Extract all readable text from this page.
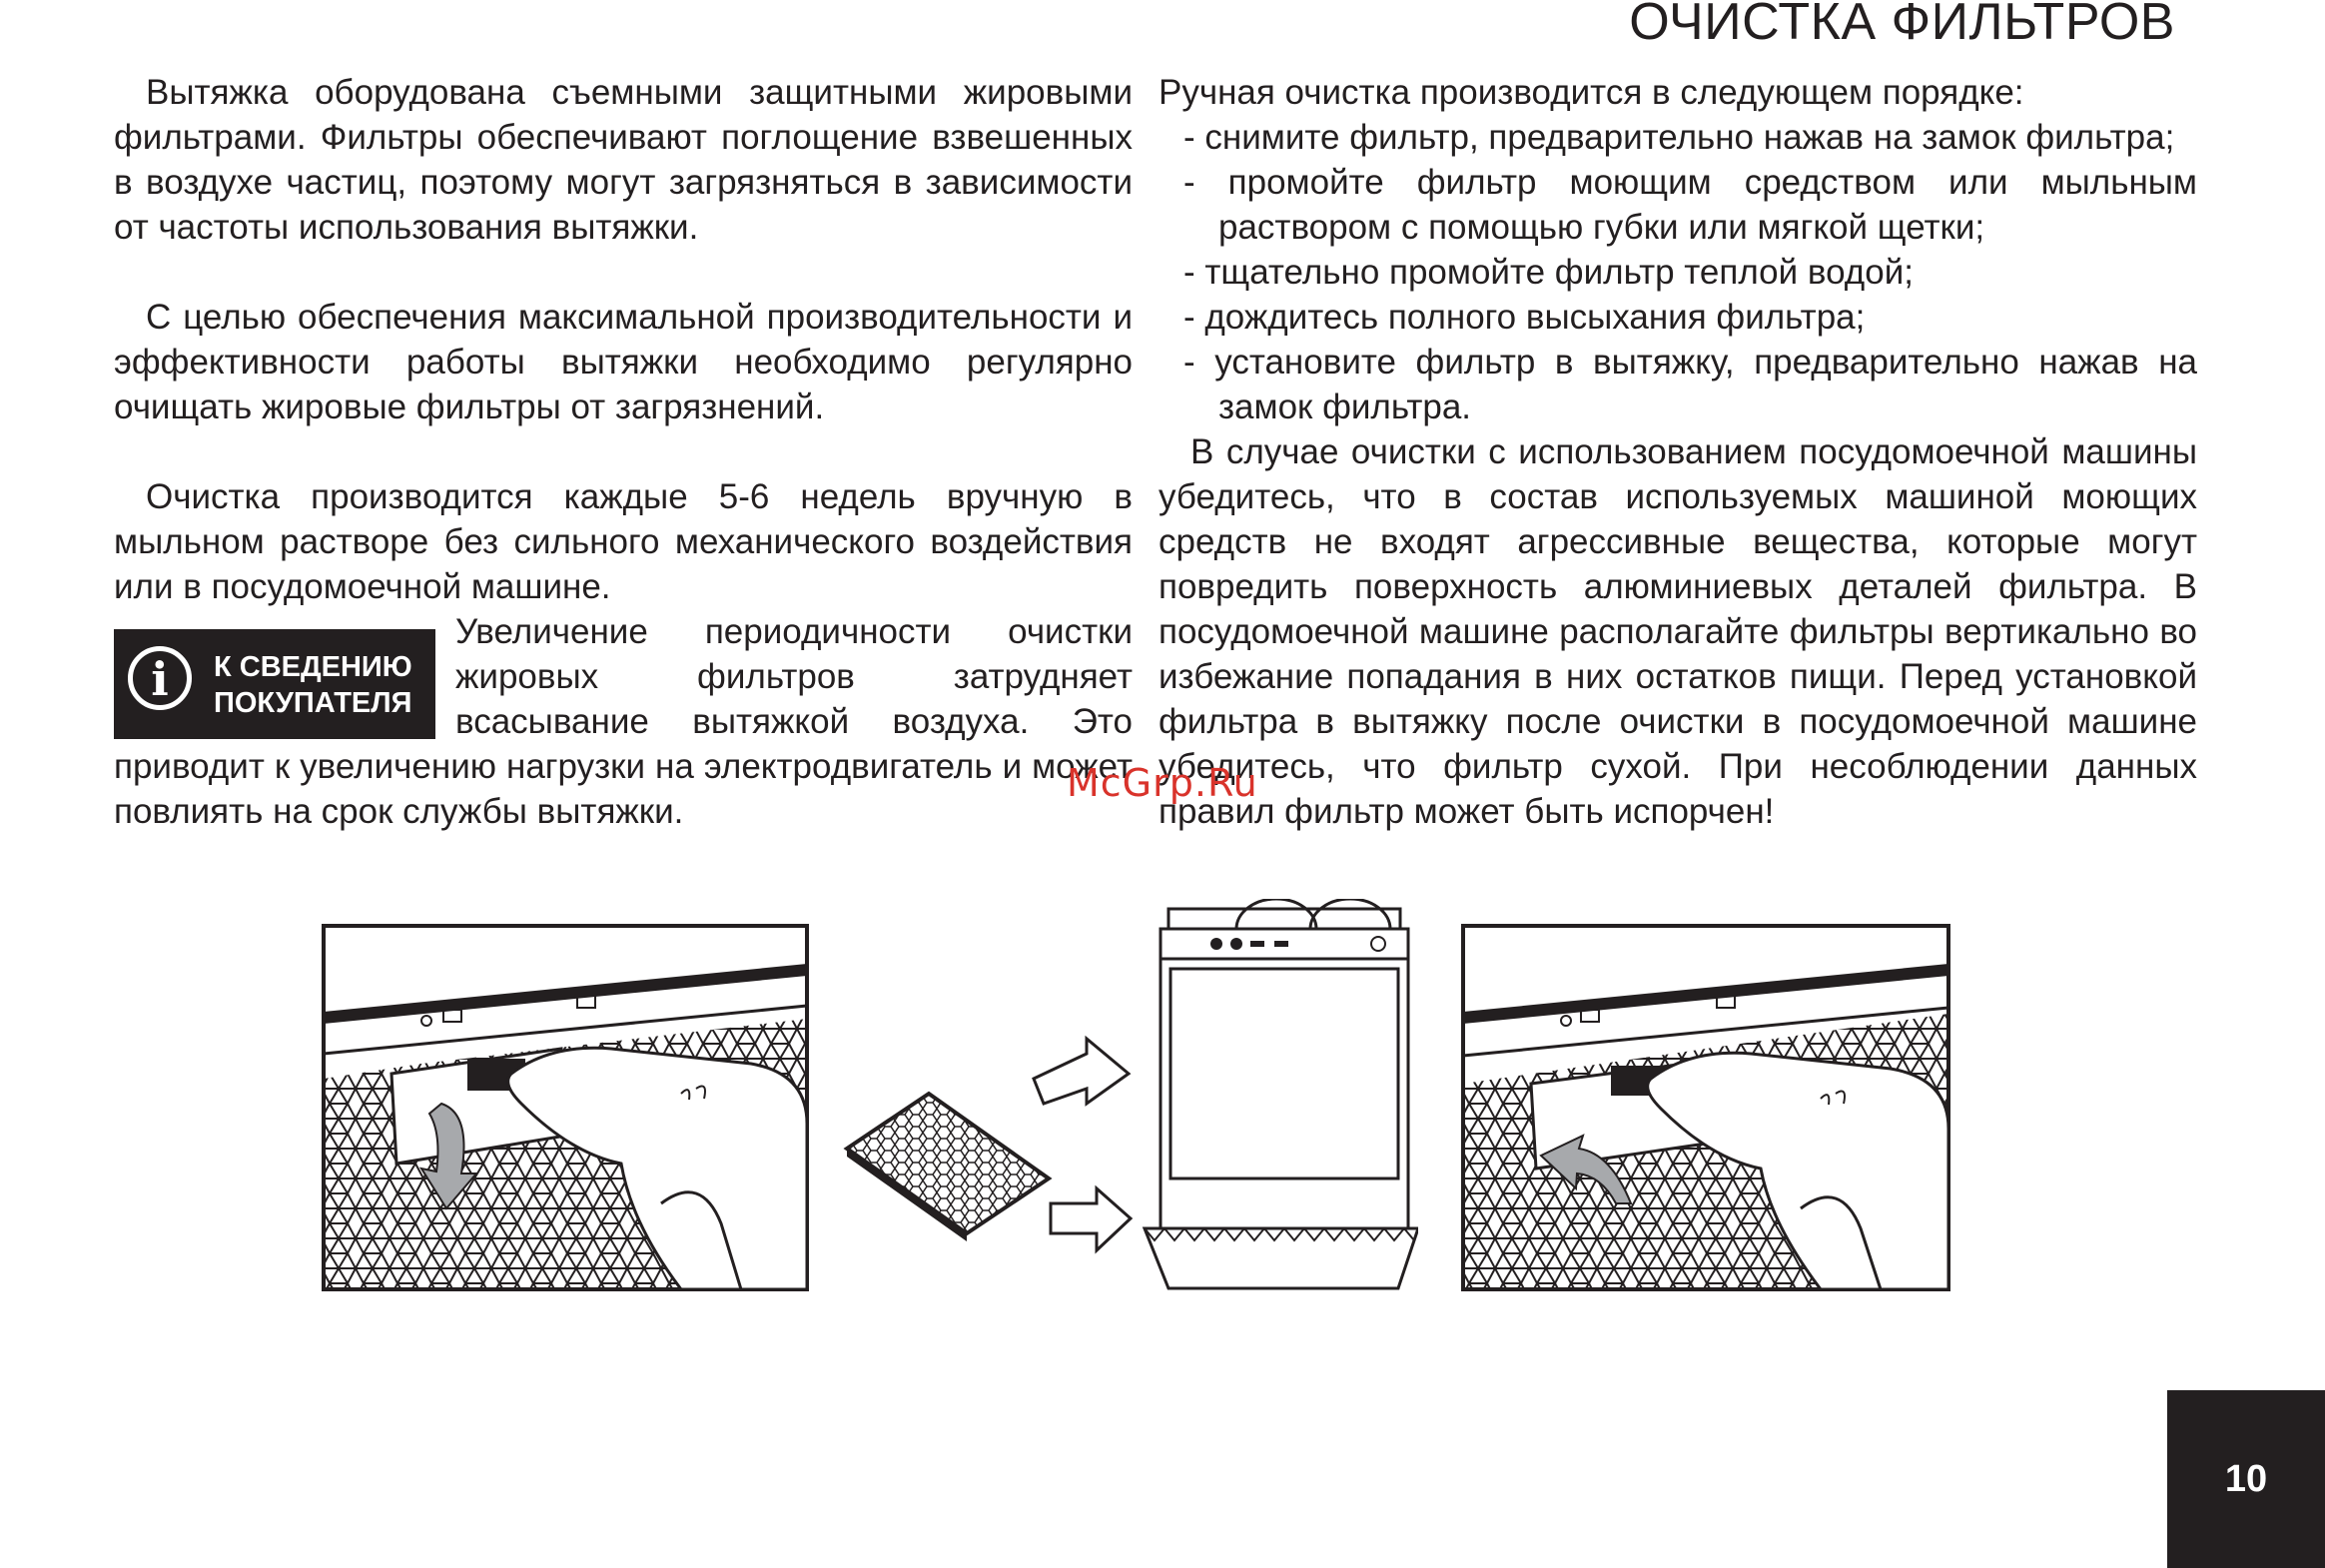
ОЧИСТКА ФИЛЬТРОВ

Вытяжка оборудована съемными защитными жировыми фильтрами. Фильтры обеспечивают поглощение взвешенных в воздухе частиц, поэтому могут загрязняться в зависимости от частоты использования вытяжки.

С целью обеспечения максимальной производительности и эффективности работы вытяжки необходимо регулярно очищать жировые фильтры от загрязнений.

Очистка производится каждые 5-6 недель вручную в мыльном растворе без сильного механического воздействия или в посудомоечной машине.

i	К СВЕДЕНИЮ
ПОКУПАТЕЛЯ

Увеличение периодичности очистки жировых фильтров затрудняет всасывание вытяжкой воздуха. Это приводит к увеличению нагрузки на электродвигатель и может повлиять на срок службы вытяжки.

Ручная очистка производится в следующем порядке:

- снимите фильтр, предварительно нажав на замок фильтра;
- промойте фильтр моющим средством или мыльным раствором с помощью губки или мягкой щетки;
- тщательно промойте фильтр теплой водой;
- дождитесь полного высыхания фильтра;
- установите фильтр в вытяжку, предварительно нажав на замок фильтра.

В случае очистки с использованием посудомоечной машины убедитесь, что в состав используемых машиной моющих средств не входят агрессивные вещества, которые могут повредить поверхность алюминиевых деталей фильтра. В посудомоечной машине располагайте фильтры вертикально во избежание попадания в них остатков пищи. Перед установкой фильтра в вытяжку после очистки в посудомоечной машине убедитесь, что фильтр сухой. При несоблюдении данных правил фильтр может быть испорчен!

McGrp.Ru
10
